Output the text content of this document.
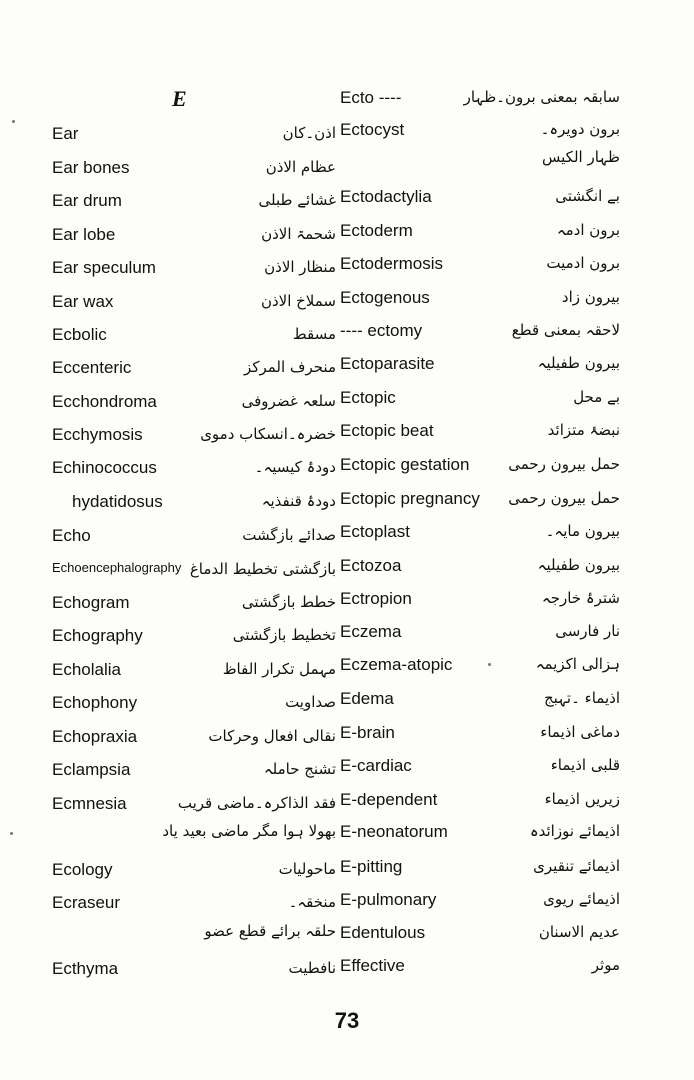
E	Ecto ----	سابقہ بمعنی برون۔ظہار
Ear	اذن۔کان
Ear bones	عظام الاذن
Ear drum	غشائے طبلی
Ear lobe	شحمۃ الاذن
Ear speculum	منظار الاذن
Ear wax	سملاخ الاذن
Ecbolic	مسقط
Eccenteric	منحرف المرکز
Ecchondroma	سلعہ غضروفی
Ecchymosis	خضرہ۔انسکاب دموی
Echinococcus	دودۂ کیسیہ۔
hydatidosus	دودۂ قنفذیہ
Echo	صدائے بازگشت
Echoencephalography بازگشتی تخطیط الدماغ
Echogram	خطط بازگشتی
Echography	تخطیط بازگشتی
Echolalia	مہمل تکرار الفاظ
Echophony	صداویت
Echopraxia	نقالی افعال وحرکات
Eclampsia	تشنج حاملہ
Ecmnesia	فقد الذاکرہ۔ماضی قریب
بھولا ہوا مگر ماضی بعید یاد
Ecology	ماحولیات
Ecraseur	منخقہ۔
حلقہ برائے قطع عضو
Ecthyma	نافطیت
Ectocyst	برون دویرہ۔
ظہار الکیس
Ectodactylia	بے انگشتی
Ectoderm	برون ادمہ
Ectodermosis	برون ادمیت
Ectogenous	بیرون زاد
---- ectomy	لاحقہ بمعنی قطع
Ectoparasite	بیرون طفیلیہ
Ectopic	بے محل
Ectopic beat	نبضۂ متزائد
Ectopic gestation	حمل بیرون رحمی
Ectopic pregnancy	حمل بیرون رحمی
Ectoplast	بیرون مایہ۔
Ectozoa	بیرون طفیلیہ
Ectropion	شترۂ خارجہ
Eczema	نار فارسی
Eczema-atopic	ہزالی اکزیمہ
Edema	اذیماء ۔تہبج
E-brain	دماغی اذیماء
E-cardiac	قلبی اذیماء
E-dependent	زیریں اذیماء
E-neonatorum	اذیمائے نوزائدہ
E-pitting	اذیمائے تنقیری
E-pulmonary	اذیمائے ریوی
Edentulous	عدیم الاسنان
Effective	موثر
73
